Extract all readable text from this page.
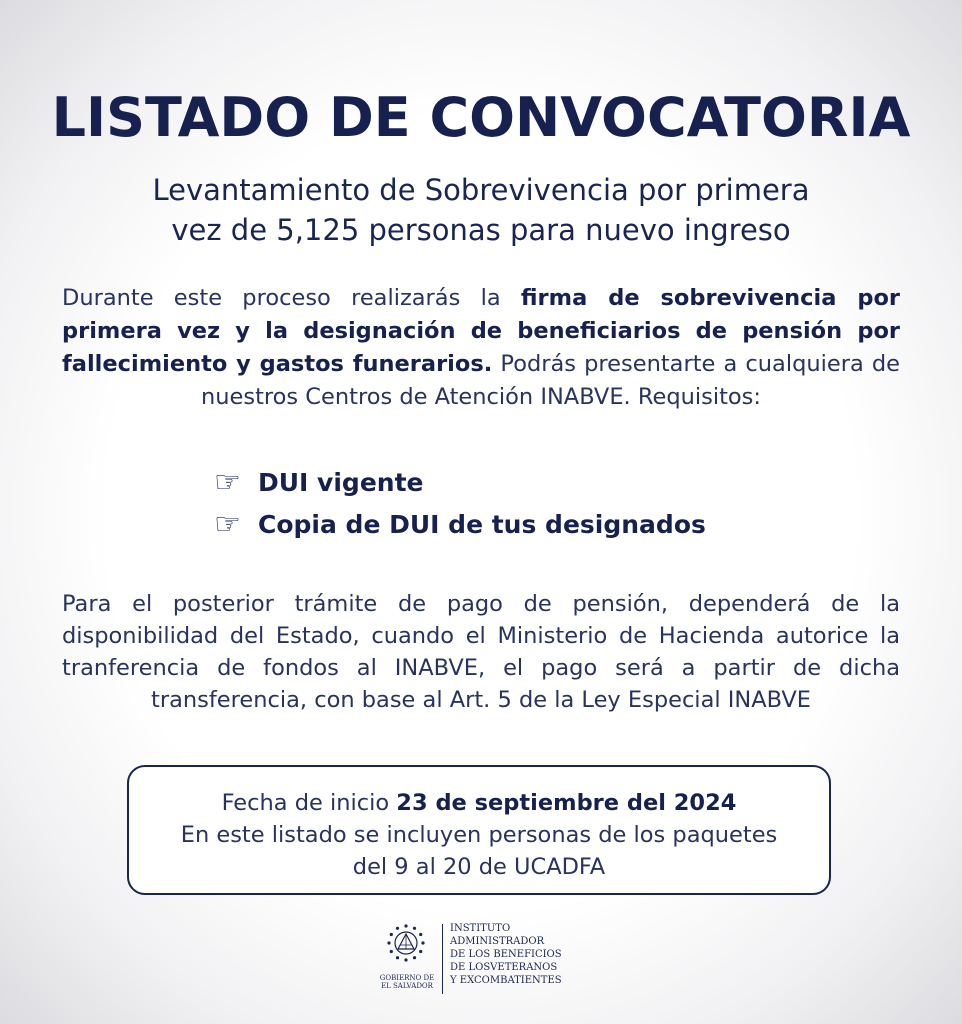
LISTADO DE CONVOCATORIA
Levantamiento de Sobrevivencia por primera
vez de 5,125 personas para nuevo ingreso
Durante este proceso realizarás la firma de sobrevivencia por primera vez y la designación de beneficiarios de pensión por fallecimiento y gastos funerarios. Podrás presentarte a cualquiera de nuestros Centros de Atención INABVE. Requisitos:
☞ DUI vigente
☞ Copia de DUI de tus designados
Para el posterior trámite de pago de pensión, dependerá de la disponibilidad del Estado, cuando el Ministerio de Hacienda autorice la tranferencia de fondos al INABVE, el pago será a partir de dicha transferencia, con base al Art. 5 de la Ley Especial INABVE
Fecha de inicio 23 de septiembre del 2024
En este listado se incluyen personas de los paquetes
del 9 al 20 de UCADFA
GOBIERNO DE
EL SALVADOR
INSTITUTO
ADMINISTRADOR
DE LOS BENEFICIOS
DE LOSVETERANOS
Y EXCOMBATIENTES
